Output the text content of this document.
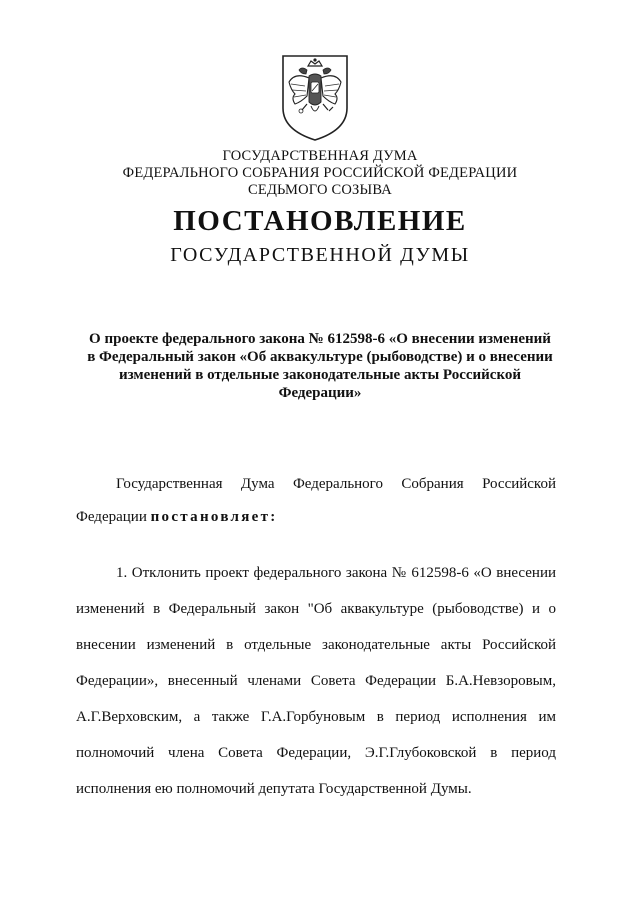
ГОСУДАРСТВЕННАЯ ДУМА
ФЕДЕРАЛЬНОГО СОБРАНИЯ РОССИЙСКОЙ ФЕДЕРАЦИИ
СЕДЬМОГО СОЗЫВА
ПОСТАНОВЛЕНИЕ
ГОСУДАРСТВЕННОЙ ДУМЫ
О проекте федерального закона № 612598-6 «О внесении изменений
в Федеральный закон «Об аквакультуре (рыбоводстве) и о внесении
изменений в отдельные законодательные акты Российской
Федерации»
Государственная Дума Федерального Собрания Российской
Федерации постановляет:
1. Отклонить проект федерального закона № 612598-6 «О внесении
изменений в Федеральный закон "Об аквакультуре (рыбоводстве) и о
внесении изменений в отдельные законодательные акты Российской
Федерации», внесенный членами Совета Федерации Б.А.Невзоровым,
А.Г.Верховским, а также Г.А.Горбуновым в период исполнения им
полномочий члена Совета Федерации, Э.Г.Глубоковской в период
исполнения ею полномочий депутата Государственной Думы.
